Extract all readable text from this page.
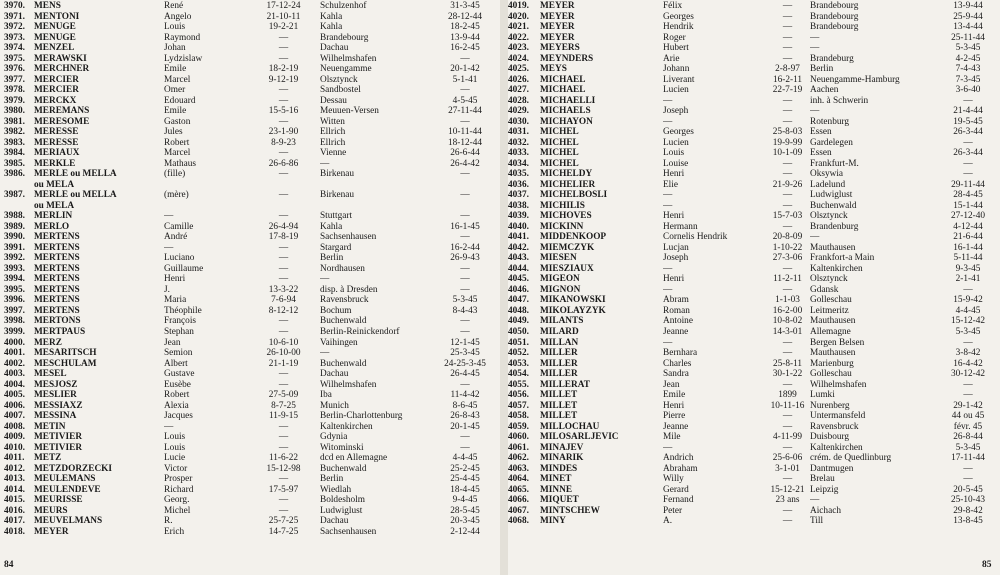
3970. MENS	René	17-12-24	Schulzenhof	31-3-45
3971. MENTONI	Angelo	21-10-11	Kahla	28-12-44
3972. MENUGE	Louis	19-2-21	Kahla	18-2-45
3973. MENUGE	Raymond	—	Brandebourg	13-9-44
3974. MENZEL	Johan	—	Dachau	16-2-45
3975. MERAWSKI	Lydzislaw	—	Wilhelmshafen	—
3976. MERCHNER	Emile	18-2-19	Neuengamme	20-1-42
3977. MERCIER	Marcel	9-12-19	Olsztynck	5-1-41
3978. MERCIER	Omer	—	Sandbostel	—
3979. MERCKX	Edouard	—	Dessau	4-5-45
3980. MEREMANS	Emile	15-5-16	Meuuen-Versen	27-11-44
3981. MERESOME	Gaston	—	Witten	—
3982. MERESSE	Jules	23-1-90	Ellrich	10-11-44
3983. MERESSE	Robert	8-9-23	Ellrich	18-12-44
3984. MERIAUX	Marcel	—	Vienne	26-6-44
3985. MERKLE	Mathaus	26-6-86	—	26-4-42
3986. MERLE ou MELLA	(fille)	—	Birkenau	—
ou MELA
3987. MERLE ou MELLA	(mère)	—	Birkenau	—
ou MELA
3988. MERLIN	—	—	Stuttgart	—
3989. MERLO	Camille	26-4-94	Kahla	16-1-45
3990. MERTENS	André	17-8-19	Sachsenhausen	—
3991. MERTENS	—	—	Stargard	16-2-44
3992. MERTENS	Luciano	—	Berlin	26-9-43
3993. MERTENS	Guillaume	—	Nordhausen	—
3994. MERTENS	Henri	—	—	—
3995. MERTENS	J.	13-3-22	disp. à Dresden	—
3996. MERTENS	Maria	7-6-94	Ravensbruck	5-3-45
3997. MERTENS	Théophile	8-12-12	Bochum	8-4-43
3998. MERTONS	François	—	Buchenwald	—
3999. MERTPAUS	Stephan	—	Berlin-Reinickendorf	—
4000. MERZ	Jean	10-6-10	Vaihingen	12-1-45
4001. MESARITSCH	Semion	26-10-00	—	25-3-45
4002. MESCHULAM	Albert	21-1-19	Buchenwald	24-25-3-45
4003. MESEL	Gustave	—	Dachau	26-4-45
4004. MESJOSZ	Eusèbe	—	Wilhelmshafen	—
4005. MESLIER	Robert	27-5-09	Iba	11-4-42
4006. MESSIAXZ	Alexia	8-7-25	Munich	8-6-45
4007. MESSINA	Jacques	11-9-15	Berlin-Charlottenburg	26-8-43
4008. METIN	—	—	Kaltenkirchen	20-1-45
4009. METIVIER	Louis	—	Gdynia	—
4010. METIVIER	Louis	—	Witominski	—
4011.	METZ	Lucie	11-6-22	dcd en Allemagne	4-4-45
4012. METZDORZECKI	Victor	15-12-98	Buchenwald	25-2-45
4013. MEULEMANS	Prosper	—	Berlin	25-4-45
4014. MEULENDEVE	Richard	17-5-97	Wiedlah	18-4-45
4015. MEURISSE	Georg.	—	Boldesholm	9-4-45
4016. MEURS	Michel	—	Ludwiglust	28-5-45
4017. MEUVELMANS	R.	25-7-25	Dachau	20-3-45
4018. MEYER	Erich	14-7-25	Sachsenhausen	2-12-44
4019.	MEYER	Félix	—	Brandebourg	13-9-44
4020.	MEYER	Georges	—	Brandebourg	25-9-44
4021.	MEYER	Hendrik	—	Brandebourg	13-4-44
4022.	MEYER	Roger	—	—	25-11-44
4023.	MEYERS	Hubert	—	—	5-3-45
4024.	MEYNDERS	Arie	—	Brandeburg	4-2-45
4025.	MEYS	Johann	2-8-97	Berlin	7-4-43
4026.	MICHAEL	Liverant	16-2-11 Neuengamme-Hamburg	7-3-45
4027.	MICHAEL	Lucien	22-7-19 Aachen	3-6-40
4028.	MICHAELLI	—	—	inh. à Schwerin	—
4029.	MICHAELS	Joseph	—	—	21-4-44
4030.	MICHAYON	—	—	Rotenburg	19-5-45
4031.	MICHEL	Georges	25-8-03 Essen	26-3-44
4032.	MICHEL	Lucien	19-9-99 Gardelegen	—
4033.	MICHEL	Louis	10-1-09 Essen	26-3-44
4034.	MICHEL	Louise	—	Frankfurt-M.	—
4035.	MICHELDY	Henri	—	Oksywia	—
4036.	MICHELIER	Elie	21-9-26 Ladelund	29-11-44
4037.	MICHELBOSLI	—	—	Ludwiglust	28-4-45
4038.	MICHILIS	—	—	Buchenwald	15-1-44
4039.	MICHOVES	Henri	15-7-03 Olsztynck	27-12-40
4040.	MICKINN	Hermann	—	Brandenburg	4-12-44
4041.	MIDDENKOOP	Cornelis Hendrik	20-8-09 —	21-6-44
4042.	MIEMCZYK	Lucjan	1-10-22 Mauthausen	16-1-44
4043.	MIESEN	Joseph	27-3-06 Frankfort-a Main	5-11-44
4044.	MIESZIAUX	—	—	Kaltenkirchen	9-3-45
4045.	MIGEON	Henri	11-2-11 Olsztynck	2-1-41
4046.	MIGNON	—	—	Gdansk	—
4047.	MIKANOWSKI	Abram	1-1-03	Golleschau	15-9-42
4048.	MIKOLAYZYK	Roman	16-2-00 Leitmeritz	4-4-45
4049.	MILANTS	Antoine	10-8-02 Mauthausen	15-12-42
4050.	MILARD	Jeanne	14-3-01 Allemagne	5-3-45
4051.	MILLAN	—	—	Bergen Belsen	—
4052.	MILLER	Bernhara	—	Mauthausen	3-8-42
4053.	MILLER	Charles	25-8-11 Marienburg	16-4-42
4054.	MILLER	Sandra	30-1-22 Golleschau	30-12-42
4055.	MILLERAT	Jean	—	Wilhelmshafen	—
4056.	MILLET	Emile	1899	Lumki	—
4057.	MILLET	Henri	10-11-16 Nurenberg	29-1-42
4058.	MILLET	Pierre	—	Untermansfeld	44 ou 45
4059.	MILLOCHAU	Jeanne	—	Ravensbruck	févr. 45
4060.	MILOSARLJEVIC	Mile	4-11-99 Duisbourg	26-8-44
4061.	MINAJEV	—	—	Kaltenkirchen	5-3-45
4062.	MINARIK	Andrich	25-6-06 crém. de Quedlinburg	17-11-44
4063.	MINDES	Abraham	3-1-01	Dantmugen	—
4064.	MINET	Willy	—	Brelau	—
4065.	MINNE	Gerard	15-12-21 Leipzig	20-5-45
4066.	MIQUET	Fernand	23 ans	—	25-10-43
4067.	MINTSCHEW	Peter	—	Aichach	29-8-42
4068.	MINY	A.	—	Till	13-8-45
84	85
